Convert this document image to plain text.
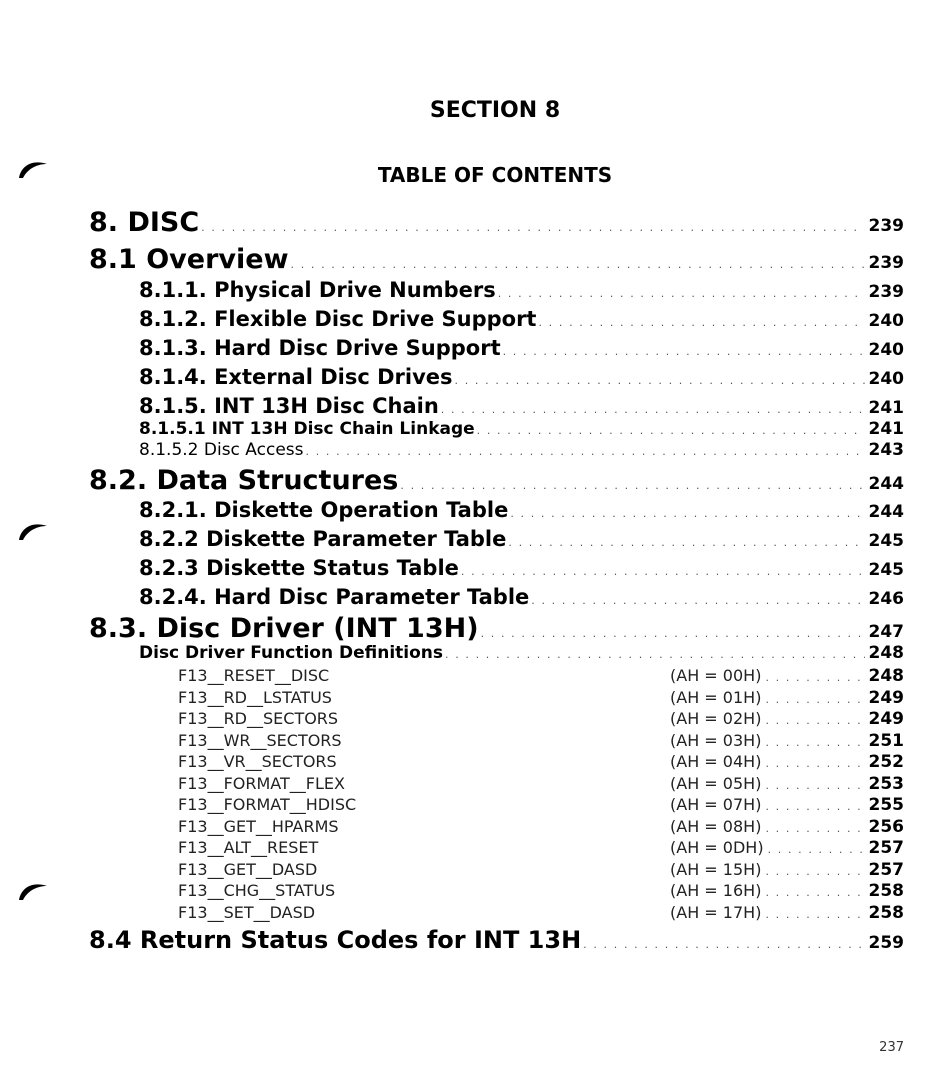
SECTION 8
TABLE OF CONTENTS
8. DISC . . .	239
8.1 Overview . . .	239
8.1.1. Physical Drive Numbers . . .	239
8.1.2. Flexible Disc Drive Support . . .	240
8.1.3. Hard Disc Drive Support . . .	240
8.1.4. External Disc Drives . . .	240
8.1.5. INT 13H Disc Chain . . .	241
8.1.5.1 INT 13H Disc Chain Linkage . . .	241
8.1.5.2 Disc Access . . .	243
8.2. Data Structures . . .	244
8.2.1. Diskette Operation Table . . .	244
8.2.2 Diskette Parameter Table . . .	245
8.2.3 Diskette Status Table . . .	245
8.2.4. Hard Disc Parameter Table . . .	246
8.3. Disc Driver (INT 13H) . . .	247
Disc Driver Function Definitions . . .	248
F13__RESET__DISC	(AH = 00H) . . .	248
F13__RD__LSTATUS	(AH = 01H) . . .	249
F13__RD__SECTORS	(AH = 02H) . . .	249
F13__WR__SECTORS	(AH = 03H) . . .	251
F13__VR__SECTORS	(AH = 04H) . . .	252
F13__FORMAT__FLEX	(AH = 05H) . . .	253
F13__FORMAT__HDISC	(AH = 07H) . . .	255
F13__GET__HPARMS	(AH = 08H) . . .	256
F13__ALT__RESET	(AH = 0DH) . . .	257
F13__GET__DASD	(AH = 15H) . . .	257
F13__CHG__STATUS	(AH = 16H) . . .	258
F13__SET__DASD	(AH = 17H) . . .	258
8.4 Return Status Codes for INT 13H . . .	259
237
